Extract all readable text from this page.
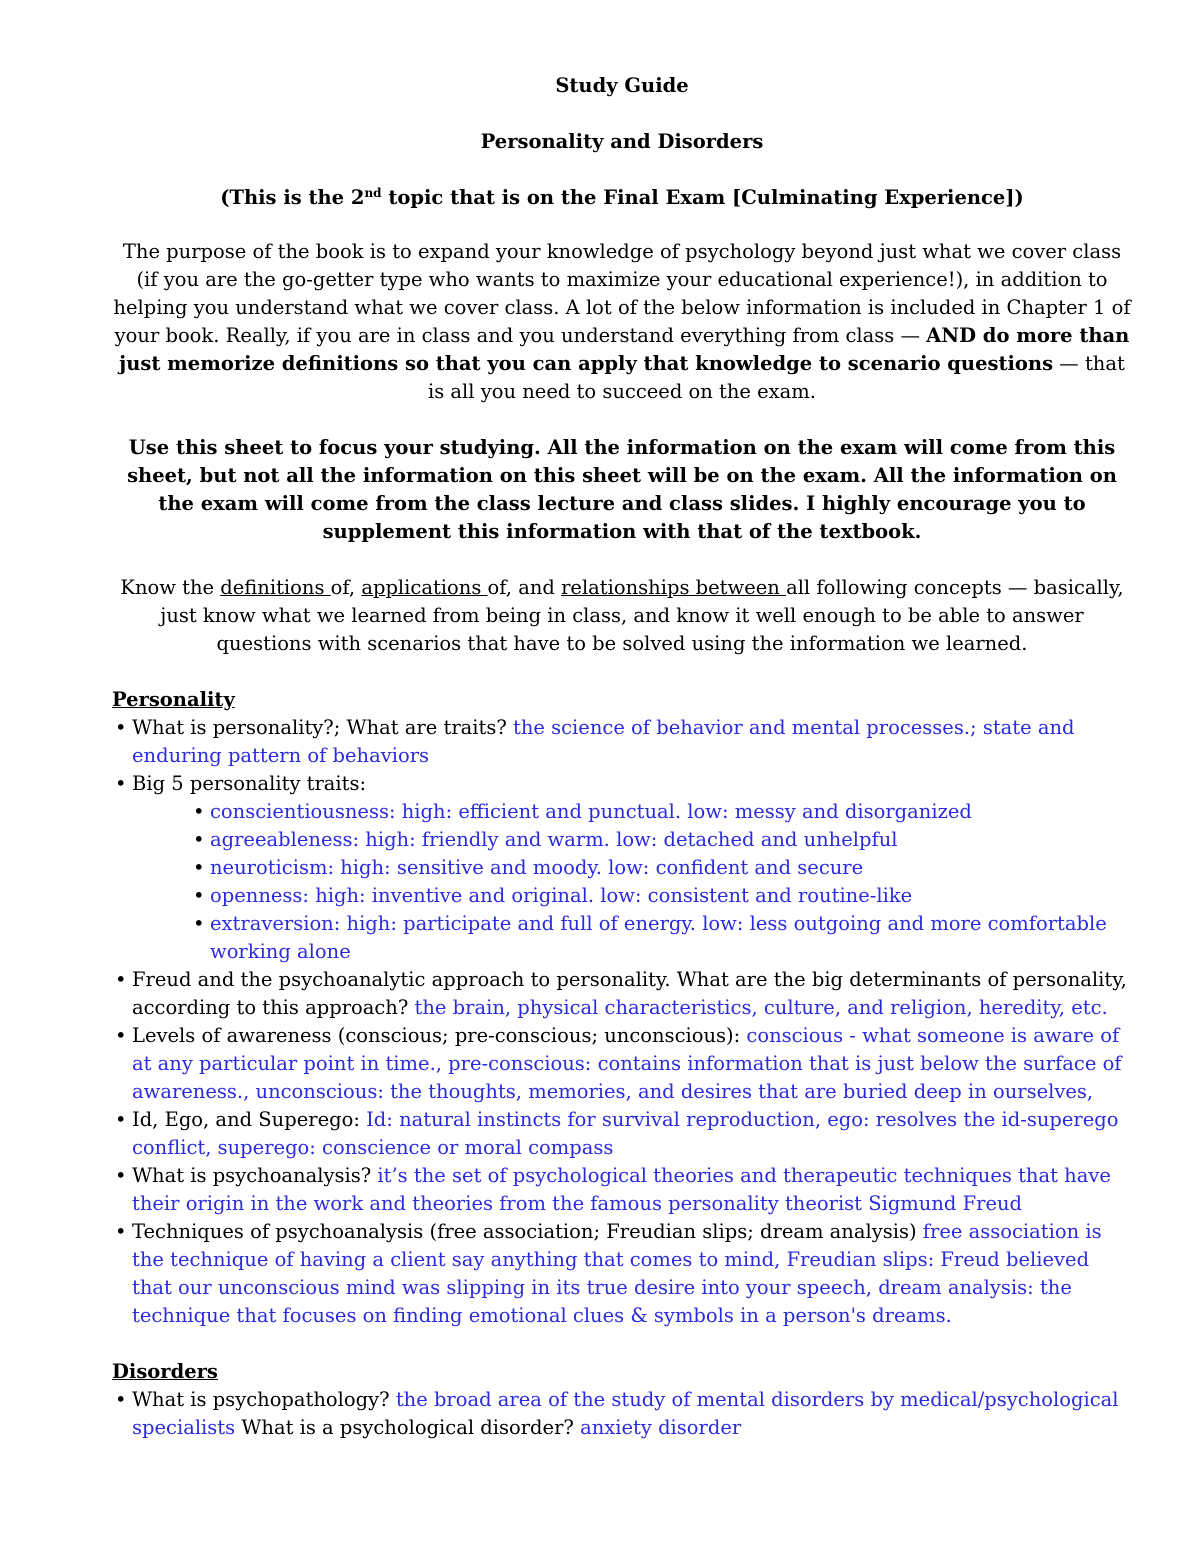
Study Guide

Personality and Disorders

(This is the 2nd topic that is on the Final Exam [Culminating Experience])

The purpose of the book is to expand your knowledge of psychology beyond just what we cover class (if you are the go-getter type who wants to maximize your educational experience!), in addition to helping you understand what we cover class. A lot of the below information is included in Chapter 1 of your book. Really, if you are in class and you understand everything from class — AND do more than just memorize definitions so that you can apply that knowledge to scenario questions — that is all you need to succeed on the exam.

Use this sheet to focus your studying. All the information on the exam will come from this sheet, but not all the information on this sheet will be on the exam. All the information on the exam will come from the class lecture and class slides. I highly encourage you to supplement this information with that of the textbook.

Know the definitions of, applications of, and relationships between all following concepts — basically, just know what we learned from being in class, and know it well enough to be able to answer questions with scenarios that have to be solved using the information we learned.

Personality
• What is personality?; What are traits? the science of behavior and mental processes.; state and enduring pattern of behaviors
• Big 5 personality traits:
• conscientiousness: high: efficient and punctual. low: messy and disorganized
• agreeableness: high: friendly and warm. low: detached and unhelpful
• neuroticism: high: sensitive and moody. low: confident and secure
• openness: high: inventive and original. low: consistent and routine-like
• extraversion: high: participate and full of energy. low: less outgoing and more comfortable working alone
• Freud and the psychoanalytic approach to personality. What are the big determinants of personality, according to this approach? the brain, physical characteristics, culture, and religion, heredity, etc.
• Levels of awareness (conscious; pre-conscious; unconscious): conscious - what someone is aware of at any particular point in time., pre-conscious: contains information that is just below the surface of awareness., unconscious: the thoughts, memories, and desires that are buried deep in ourselves,
• Id, Ego, and Superego: Id: natural instincts for survival reproduction, ego: resolves the id-superego conflict, superego: conscience or moral compass
• What is psychoanalysis? it’s the set of psychological theories and therapeutic techniques that have their origin in the work and theories from the famous personality theorist Sigmund Freud
• Techniques of psychoanalysis (free association; Freudian slips; dream analysis) free association is the technique of having a client say anything that comes to mind, Freudian slips: Freud believed that our unconscious mind was slipping in its true desire into your speech, dream analysis: the technique that focuses on finding emotional clues & symbols in a person's dreams.
Disorders
• What is psychopathology? the broad area of the study of mental disorders by medical/psychological specialists What is a psychological disorder? anxiety disorder
